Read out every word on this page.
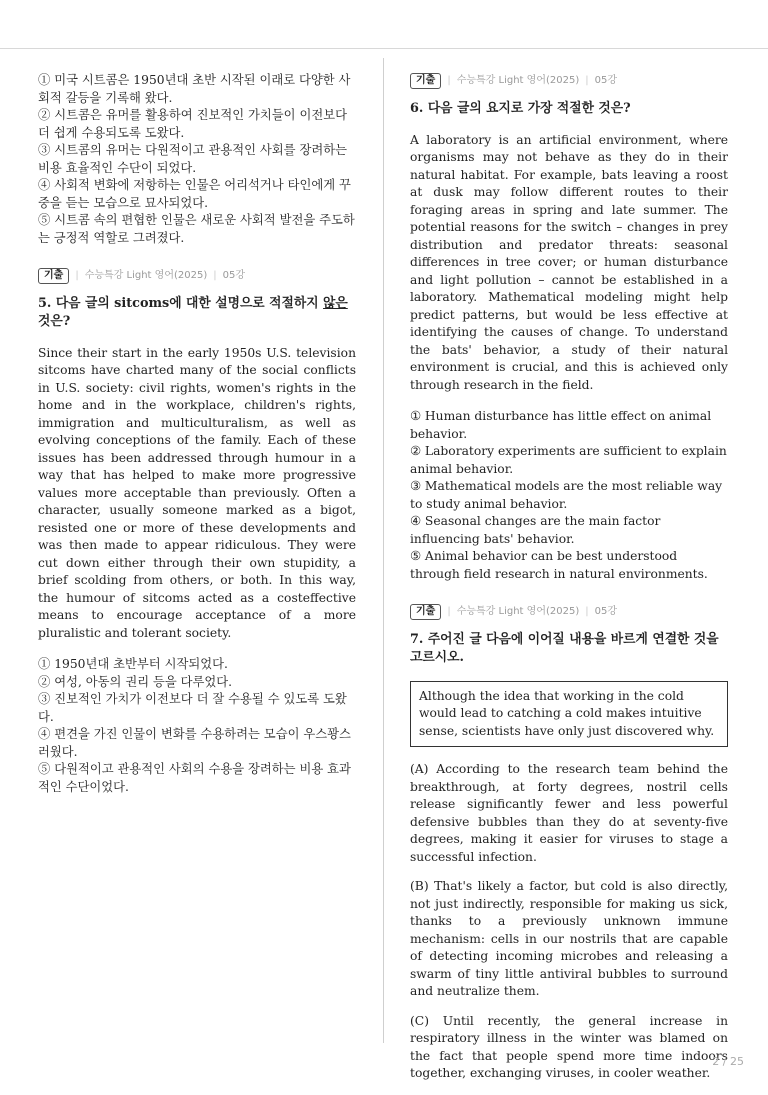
① 미국 시트콤은 1950년대 초반 시작된 이래로 다양한 사회적 갈등을 기록해 왔다.

② 시트콤은 유머를 활용하여 진보적인 가치들이 이전보다 더 쉽게 수용되도록 도왔다.

③ 시트콤의 유머는 다원적이고 관용적인 사회를 장려하는 비용 효율적인 수단이 되었다.

④ 사회적 변화에 저항하는 인물은 어리석거나 타인에게 꾸중을 듣는 모습으로 묘사되었다.

⑤ 시트콤 속의 편협한 인물은 새로운 사회적 발전을 주도하는 긍정적 역할로 그려졌다.

기출	| 수능특강 Light 영어(2025) | 05강

5. 다음 글의 sitcoms에 대한 설명으로 적절하지 않은 것은?

Since their start in the early 1950s U.S. television sitcoms have charted many of the social conflicts in U.S. society: civil rights, women's rights in the home and in the workplace, children's rights, immigration and multiculturalism, as well as evolving conceptions of the family. Each of these issues has been addressed through humour in a way that has helped to make more progressive values more acceptable than previously. Often a character, usually someone marked as a bigot, resisted one or more of these developments and was then made to appear ridiculous. They were cut down either through their own stupidity, a brief scolding from others, or both. In this way, the humour of sitcoms acted as a costeffective means to encourage acceptance of a more pluralistic and tolerant society.

① 1950년대 초반부터 시작되었다.

② 여성, 아동의 권리 등을 다루었다.

③ 진보적인 가치가 이전보다 더 잘 수용될 수 있도록 도왔다.

④ 편견을 가진 인물이 변화를 수용하려는 모습이 우스꽝스러웠다.

⑤ 다원적이고 관용적인 사회의 수용을 장려하는 비용 효과적인 수단이었다.

기출	| 수능특강 Light 영어(2025) | 05강

6. 다음 글의 요지로 가장 적절한 것은?

A laboratory is an artificial environment, where organisms may not behave as they do in their natural habitat. For example, bats leaving a roost at dusk may follow different routes to their foraging areas in spring and late summer. The potential reasons for the switch – changes in prey distribution and predator threats: seasonal differences in tree cover; or human disturbance and light pollution – cannot be established in a laboratory. Mathematical modeling might help predict patterns, but would be less effective at identifying the causes of change. To understand the bats' behavior, a study of their natural environment is crucial, and this is achieved only through research in the field.

① Human disturbance has little effect on animal behavior.

② Laboratory experiments are sufficient to explain animal behavior.

③ Mathematical models are the most reliable way to study animal behavior.

④ Seasonal changes are the main factor influencing bats' behavior.

⑤ Animal behavior can be best understood through field research in natural environments.

기출	| 수능특강 Light 영어(2025) | 05강

7. 주어진 글 다음에 이어질 내용을 바르게 연결한 것을 고르시오.

Although the idea that working in the cold would lead to catching a cold makes intuitive sense, scientists have only just discovered why.

(A) According to the research team behind the breakthrough, at forty degrees, nostril cells release significantly fewer and less powerful defensive bubbles than they do at seventy-five degrees, making it easier for viruses to stage a successful infection.

(B) That's likely a factor, but cold is also directly, not just indirectly, responsible for making us sick, thanks to a previously unknown immune mechanism: cells in our nostrils that are capable of detecting incoming microbes and releasing a swarm of tiny little antiviral bubbles to surround and neutralize them.

(C) Until recently, the general increase in respiratory illness in the winter was blamed on the fact that people spend more time indoors together, exchanging viruses, in cooler weather.

2 / 25
